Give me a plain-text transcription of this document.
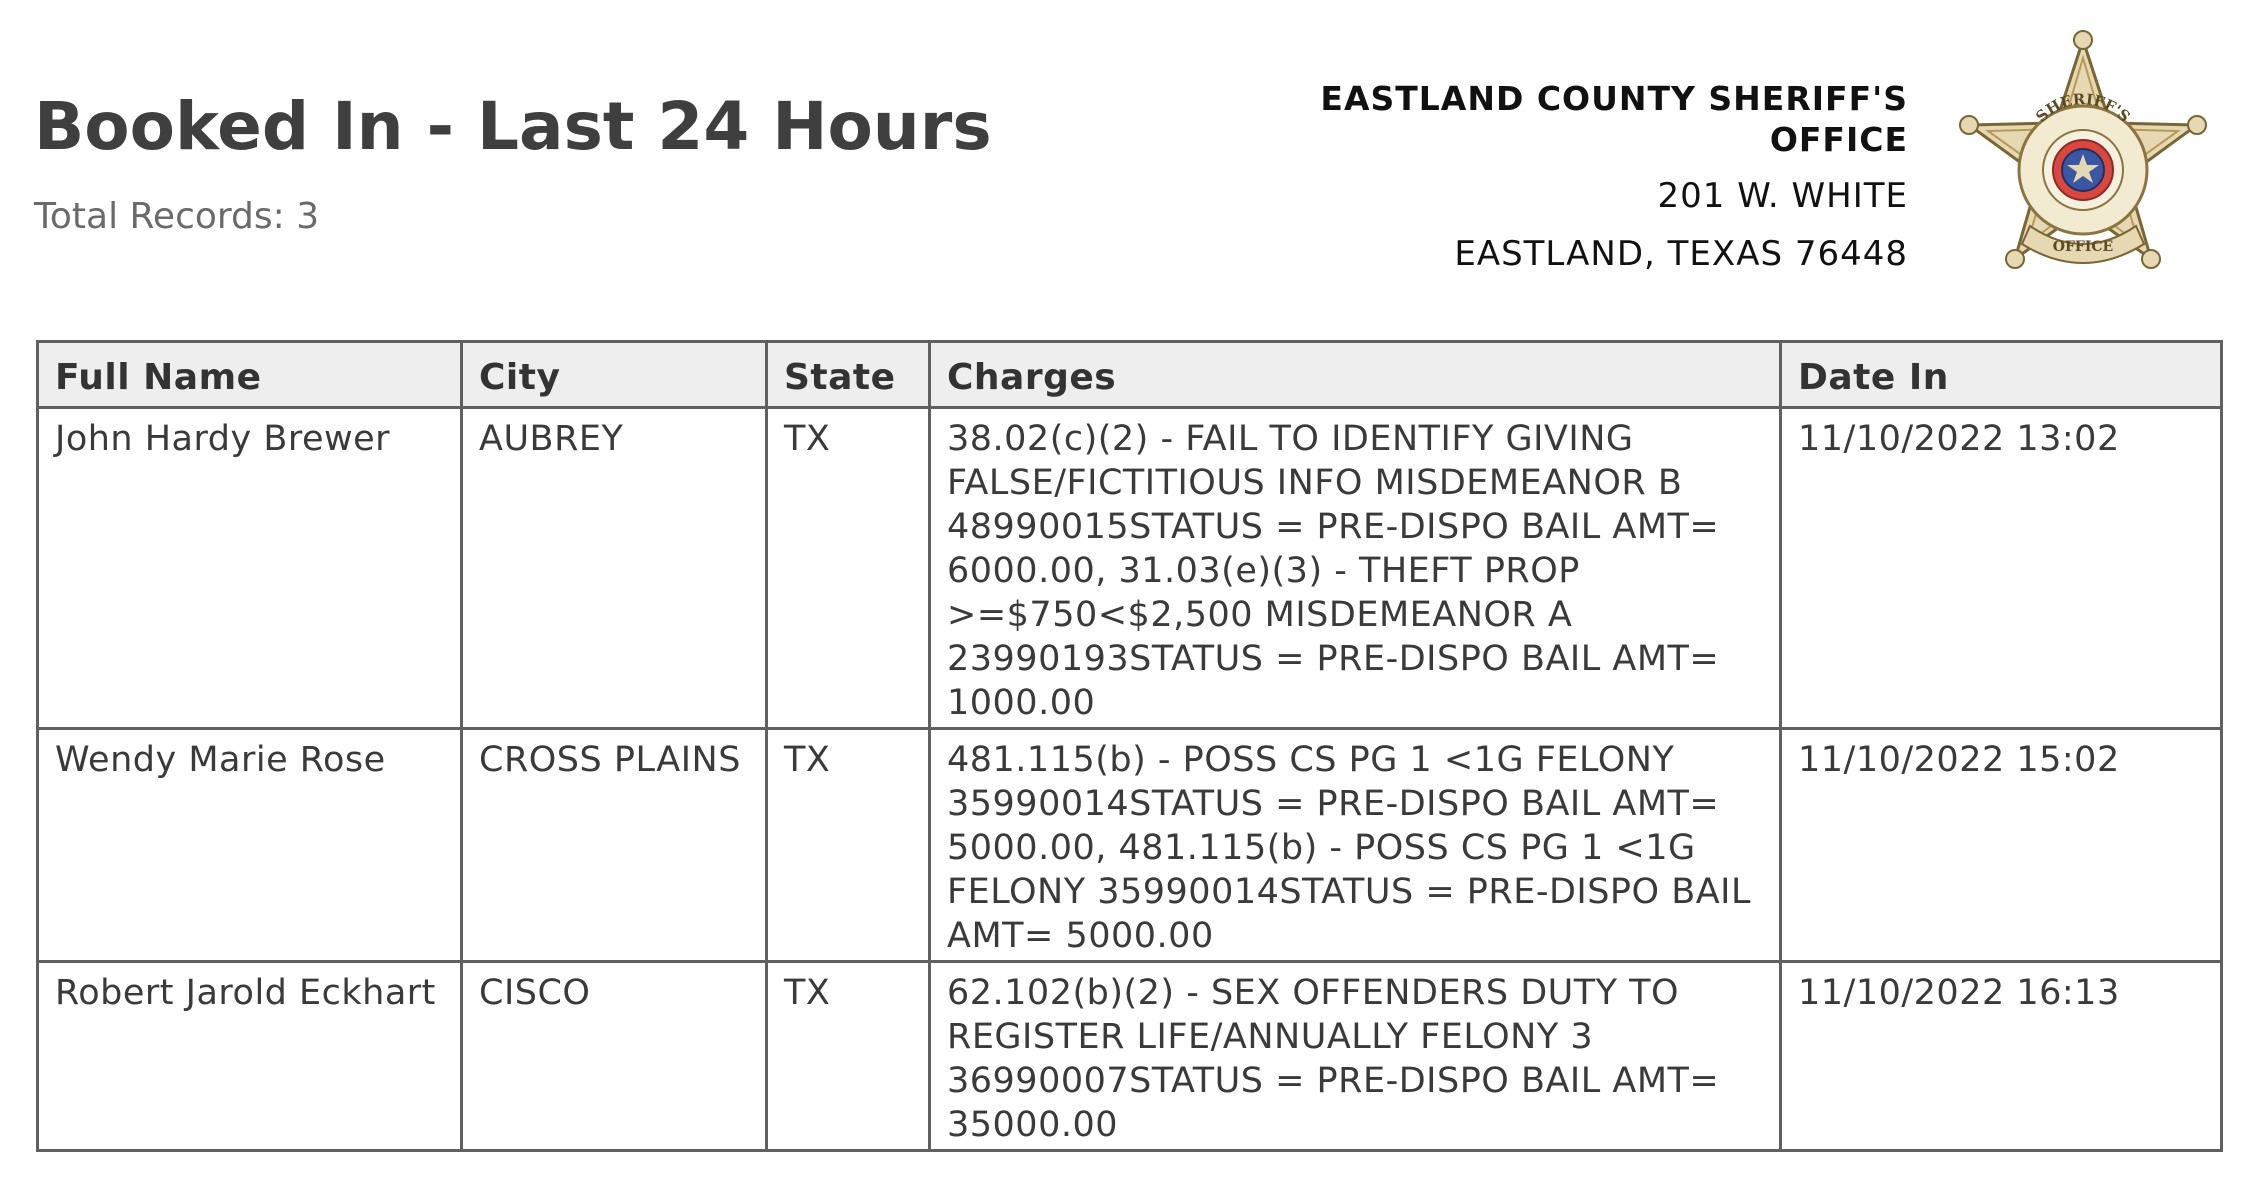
Booked In - Last 24 Hours
Total Records: 3
EASTLAND COUNTY SHERIFF'S
OFFICE
201 W. WHITE
EASTLAND, TEXAS 76448
SHERIFF'S
OFFICE
Full Name	City	State	Charges	Date In
John Hardy Brewer	AUBREY	TX	38.02(c)(2) - FAIL TO IDENTIFY GIVING FALSE/FICTITIOUS INFO MISDEMEANOR B 48990015STATUS = PRE-DISPO BAIL AMT= 6000.00, 31.03(e)(3) - THEFT PROP >=$750<$2,500 MISDEMEANOR A 23990193STATUS = PRE-DISPO BAIL AMT= 1000.00	11/10/2022 13:02
Wendy Marie Rose	CROSS PLAINS	TX	481.115(b) - POSS CS PG 1 <1G FELONY 35990014STATUS = PRE-DISPO BAIL AMT= 5000.00, 481.115(b) - POSS CS PG 1 <1G FELONY 35990014STATUS = PRE-DISPO BAIL AMT= 5000.00	11/10/2022 15:02
Robert Jarold Eckhart	CISCO	TX	62.102(b)(2) - SEX OFFENDERS DUTY TO REGISTER LIFE/ANNUALLY FELONY 3 36990007STATUS = PRE-DISPO BAIL AMT= 35000.00	11/10/2022 16:13
